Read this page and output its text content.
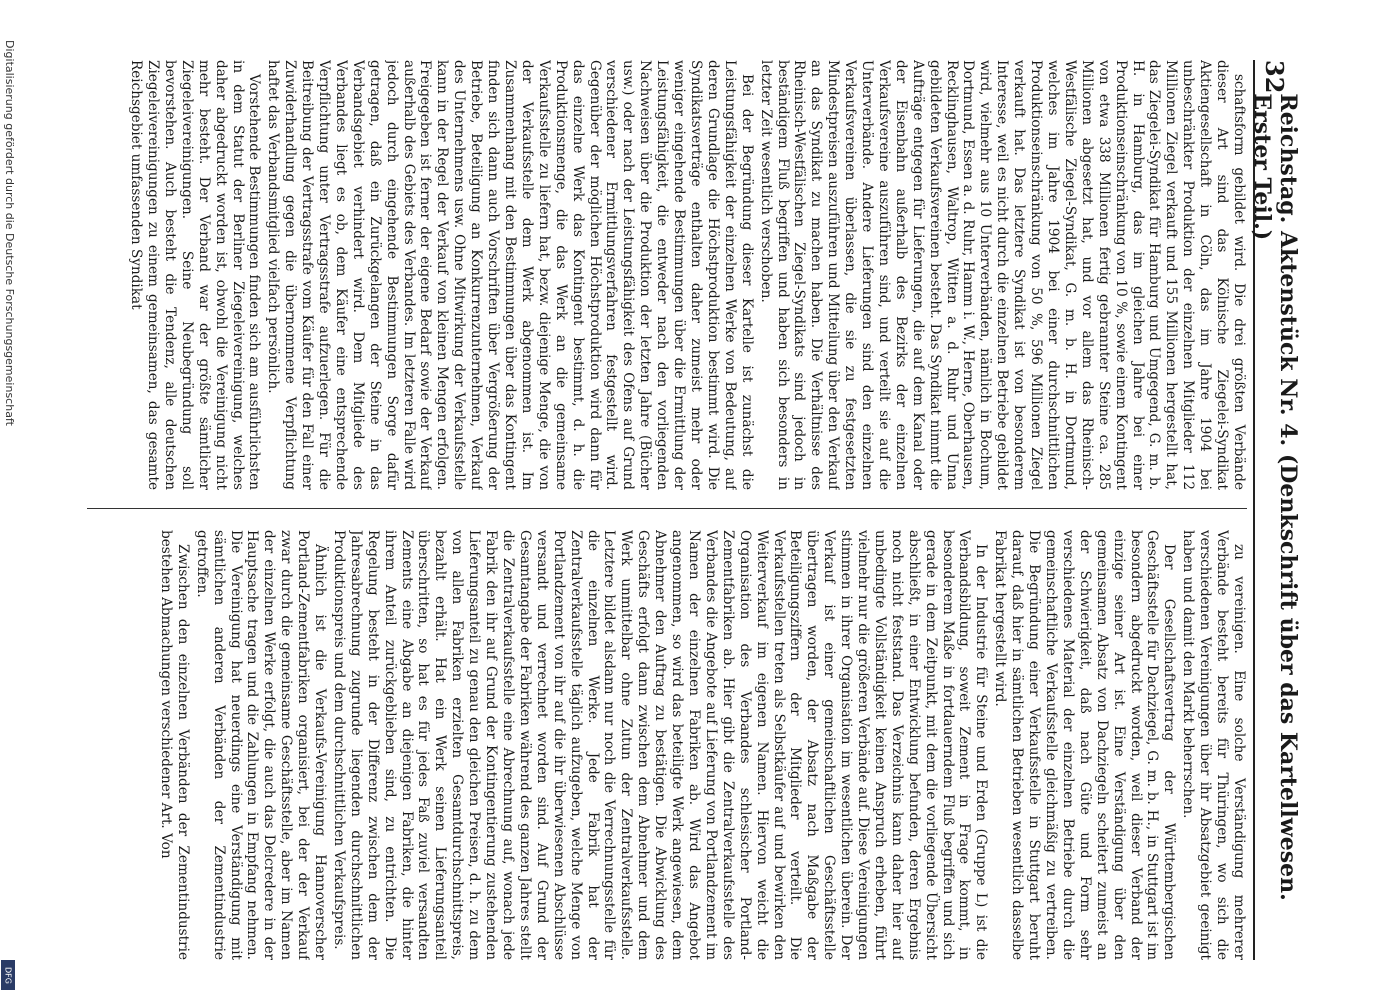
Digitalisierung gefördert durch die Deutsche Forschungsgemeinschaft
DFG
32
Reichstag. Aktenstück Nr. 4. (Denkschrift über das Kartellwesen. Erster Teil.)

schaftsform gebildet wird. Die drei größten Verbände dieser Art sind das Kölnische Ziegelei-Syndikat Aktiengesellschaft in Cöln, das im Jahre 1904 bei unbeschränkter Produktion der einzelnen Mitglieder 112 Millionen Ziegel verkauft und 155 Millionen hergestellt hat, das Ziegelei-Syndikat für Hamburg und Umgegend, G. m. b. H. in Hamburg, das im gleichen Jahre bei einer Produktionseinschränkung von 10 %, sowie einem Kontingent von etwa 338 Millionen fertig gebrannter Steine ca. 285 Millionen abgesetzt hat, und vor allem das Rheinisch-Westfälische Ziegel-Syndikat, G. m. b. H. in Dortmund, welches im Jahre 1904 bei einer durchschnittlichen Produktionseinschränkung von 50 %, 596 Millionen Ziegel verkauft hat. Das letztere Syndikat ist von besonderem Interesse, weil es nicht durch die einzelnen Betriebe gebildet wird, vielmehr aus 10 Unterverbänden, nämlich in Bochum, Dortmund, Essen a. d. Ruhr, Hamm i. W., Herne, Oberhausen, Recklinghausen, Waltrop, Witten a. d. Ruhr und Unna gebildeten Verkaufsvereinen besteht. Das Syndikat nimmt die Aufträge entgegen für Lieferungen, die auf dem Kanal oder der Eisenbahn außerhalb des Bezirks der einzelnen Verkaufsvereine auszuführen sind, und verteilt sie auf die Unterverbände. Andere Lieferungen sind den einzelnen Verkaufsvereinen überlassen, die sie zu festgesetzten Mindestpreisen auszuführen und Mitteilung über den Verkauf an das Syndikat zu machen haben. Die Verhältnisse des Rheinisch-Westfälischen Ziegel-Syndikats sind jedoch in beständigem Fluß begriffen und haben sich besonders in letzter Zeit wesentlich verschoben.

Bei der Begründung dieser Kartelle ist zunächst die Leistungsfähigkeit der einzelnen Werke von Bedeutung, auf deren Grundlage die Höchstproduktion bestimmt wird. Die Syndikatsverträge enthalten daher zumeist mehr oder weniger eingehende Bestimmungen über die Ermittlung der Leistungsfähigkeit, die entweder nach den vorliegenden Nachweisen über die Produktion der letzten Jahre (Bücher usw.) oder nach der Leistungsfähigkeit des Ofens auf Grund verschiedener Ermittlungsverfahren festgestellt wird. Gegenüber der möglichen Höchstproduktion wird dann für das einzelne Werk das Kontingent bestimmt, d. h. die Produktionsmenge, die das Werk an die gemeinsame Verkaufsstelle zu liefern hat, bezw. diejenige Menge, die von der Verkaufsstelle dem Werk abgenommen ist. Im Zusammenhang mit den Bestimmungen über das Kontingent finden sich dann auch Vorschriften über Vergrößerung der Betriebe, Beteiligung an Konkurrenzunternehmen, Verkauf des Unternehmens usw. Ohne Mitwirkung der Verkaufsstelle kann in der Regel der Verkauf von kleinen Mengen erfolgen. Freigegeben ist ferner der eigene Bedarf sowie der Verkauf außerhalb des Gebiets des Verbandes. Im letzteren Falle wird jedoch durch eingehende Bestimmungen Sorge dafür getragen, daß ein Zurückgelangen der Steine in das Verbandsgebiet verhindert wird. Dem Mitgliede des Verbandes liegt es ob, dem Käufer eine entsprechende Verpflichtung unter Vertragsstrafe aufzuerlegen. Für die Beitreibung der Vertragsstrafe vom Käufer für den Fall einer Zuwiderhandlung gegen die übernommene Verpflichtung haftet das Verbandsmitglied vielfach persönlich.

Vorstehende Bestimmungen finden sich am ausführlichsten in dem Statut der Berliner Ziegeleivereinigung, welches daher abgedruckt worden ist, obwohl die Vereinigung nicht mehr besteht. Der Verband war der größte sämtlicher Ziegeleivereinigungen. Seine Neubegründung soll bevorstehen. Auch besteht die Tendenz, alle deutschen Ziegeleivereinigungen zu einem gemeinsamen, das gesamte Reichsgebiet umfassenden Syndikat

zu vereinigen. Eine solche Verständigung mehrerer Verbände besteht bereits für Thüringen, wo sich die verschiedenen Vereinigungen über ihr Absatzgebiet geeinigt haben und damit den Markt beherrschen.

Der Gesellschaftsvertrag der Württembergischen Geschäftsstelle für Dachziegel, G. m. b. H., in Stuttgart ist im besondern abgedruckt worden, weil dieser Verband der einzige seiner Art ist. Eine Verständigung über den gemeinsamen Absatz von Dachziegeln scheitert zumeist an der Schwierigkeit, daß nach Güte und Form sehr verschiedenes Material der einzelnen Betriebe durch die gemeinschaftliche Verkaufsstelle gleichmäßig zu vertreiben. Die Begründung einer Verkaufsstelle in Stuttgart beruht darauf, daß hier in sämtlichen Betrieben wesentlich dasselbe Fabrikat hergestellt wird.

In der Industrie für Steine und Erden (Gruppe L) ist die Verbandsbildung, soweit Zement in Frage kommt, in besonderem Maße in fortdauerndem Fluß begriffen und sich gerade in dem Zeitpunkt, mit dem die vorliegende Übersicht abschließt, in einer Entwicklung befunden, deren Ergebnis noch nicht feststand. Das Verzeichnis kann daher hier auf unbedingte Vollständigkeit keinen Anspruch erheben, führt vielmehr nur die größeren Verbände auf. Diese Vereinigungen stimmen in ihrer Organisation im wesentlichen überein. Der Verkauf ist einer gemeinschaftlichen Geschäftsstelle übertragen worden, der Absatz nach Maßgabe der Beteiligungsziffern der Mitglieder verteilt. Die Verkaufsstellen treten als Selbstkäufer auf und bewirken den Weiterverkauf im eigenen Namen. Hiervon weicht die Organisation des Verbandes schlesischer Portland-Zementfabriken ab. Hier gibt die Zentralverkaufsstelle des Verbandes die Angebote auf Lieferung von Portlandzement im Namen der einzelnen Fabriken ab. Wird das Angebot angenommen, so wird das beteiligte Werk angewiesen, dem Abnehmer den Auftrag zu bestätigen. Die Abwicklung des Geschäfts erfolgt dann zwischen dem Abnehmer und dem Werk unmittelbar ohne Zutun der Zentralverkaufsstelle. Letztere bildet alsdann nur noch die Verrechnungsstelle für die einzelnen Werke. Jede Fabrik hat der Zentralverkaufsstelle täglich aufzugeben, welche Menge von Portlandzement von ihr auf die ihr überwiesenen Abschlüsse versandt und verrechnet worden sind. Auf Grund der Gesamtangabe der Fabriken während des ganzen Jahres stellt die Zentralverkaufsstelle eine Abrechnung auf, wonach jede Fabrik den ihr auf Grund der Kontingentierung zustehenden Lieferungsanteil zu genau den gleichen Preisen, d. h. zu dem von allen Fabriken erzielten Gesamtdurchschnittspreis, bezahlt erhält. Hat ein Werk seinen Lieferungsanteil überschritten, so hat es für jedes Faß zuviel versandten Zements eine Abgabe an diejenigen Fabriken, die hinter ihrem Anteil zurückgeblieben sind, zu entrichten. Die Regelung besteht in der Differenz zwischen dem der Jahresabrechnung zugrunde liegenden durchschnittlichen Produktionspreis und dem durchschnittlichen Verkaufspreis.

Ähnlich ist die Verkaufs-Vereinigung Hannoverscher Portland-Zementfabriken organisiert, bei der der Verkauf zwar durch die gemeinsame Geschäftsstelle, aber im Namen der einzelnen Werke erfolgt, die auch das Delcredere in der Hauptsache tragen und die Zahlungen in Empfang nehmen. Die Vereinigung hat neuerdings eine Verständigung mit sämtlichen anderen Verbänden der Zementindustrie getroffen.

Zwischen den einzelnen Verbänden der Zementindustrie bestehen Abmachungen verschiedener Art. Von
